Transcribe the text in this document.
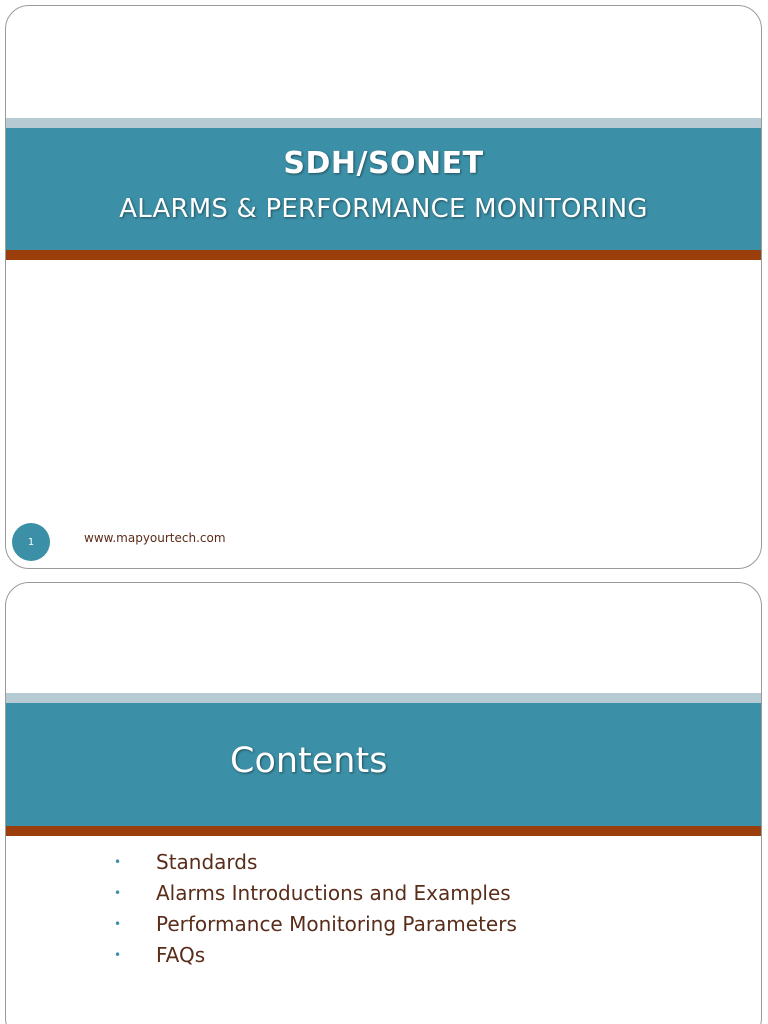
SDH/SONET
ALARMS & PERFORMANCE MONITORING
1	www.mapyourtech.com
Contents
•	Standards
•	Alarms Introductions and Examples
•	Performance Monitoring Parameters
•	FAQs
